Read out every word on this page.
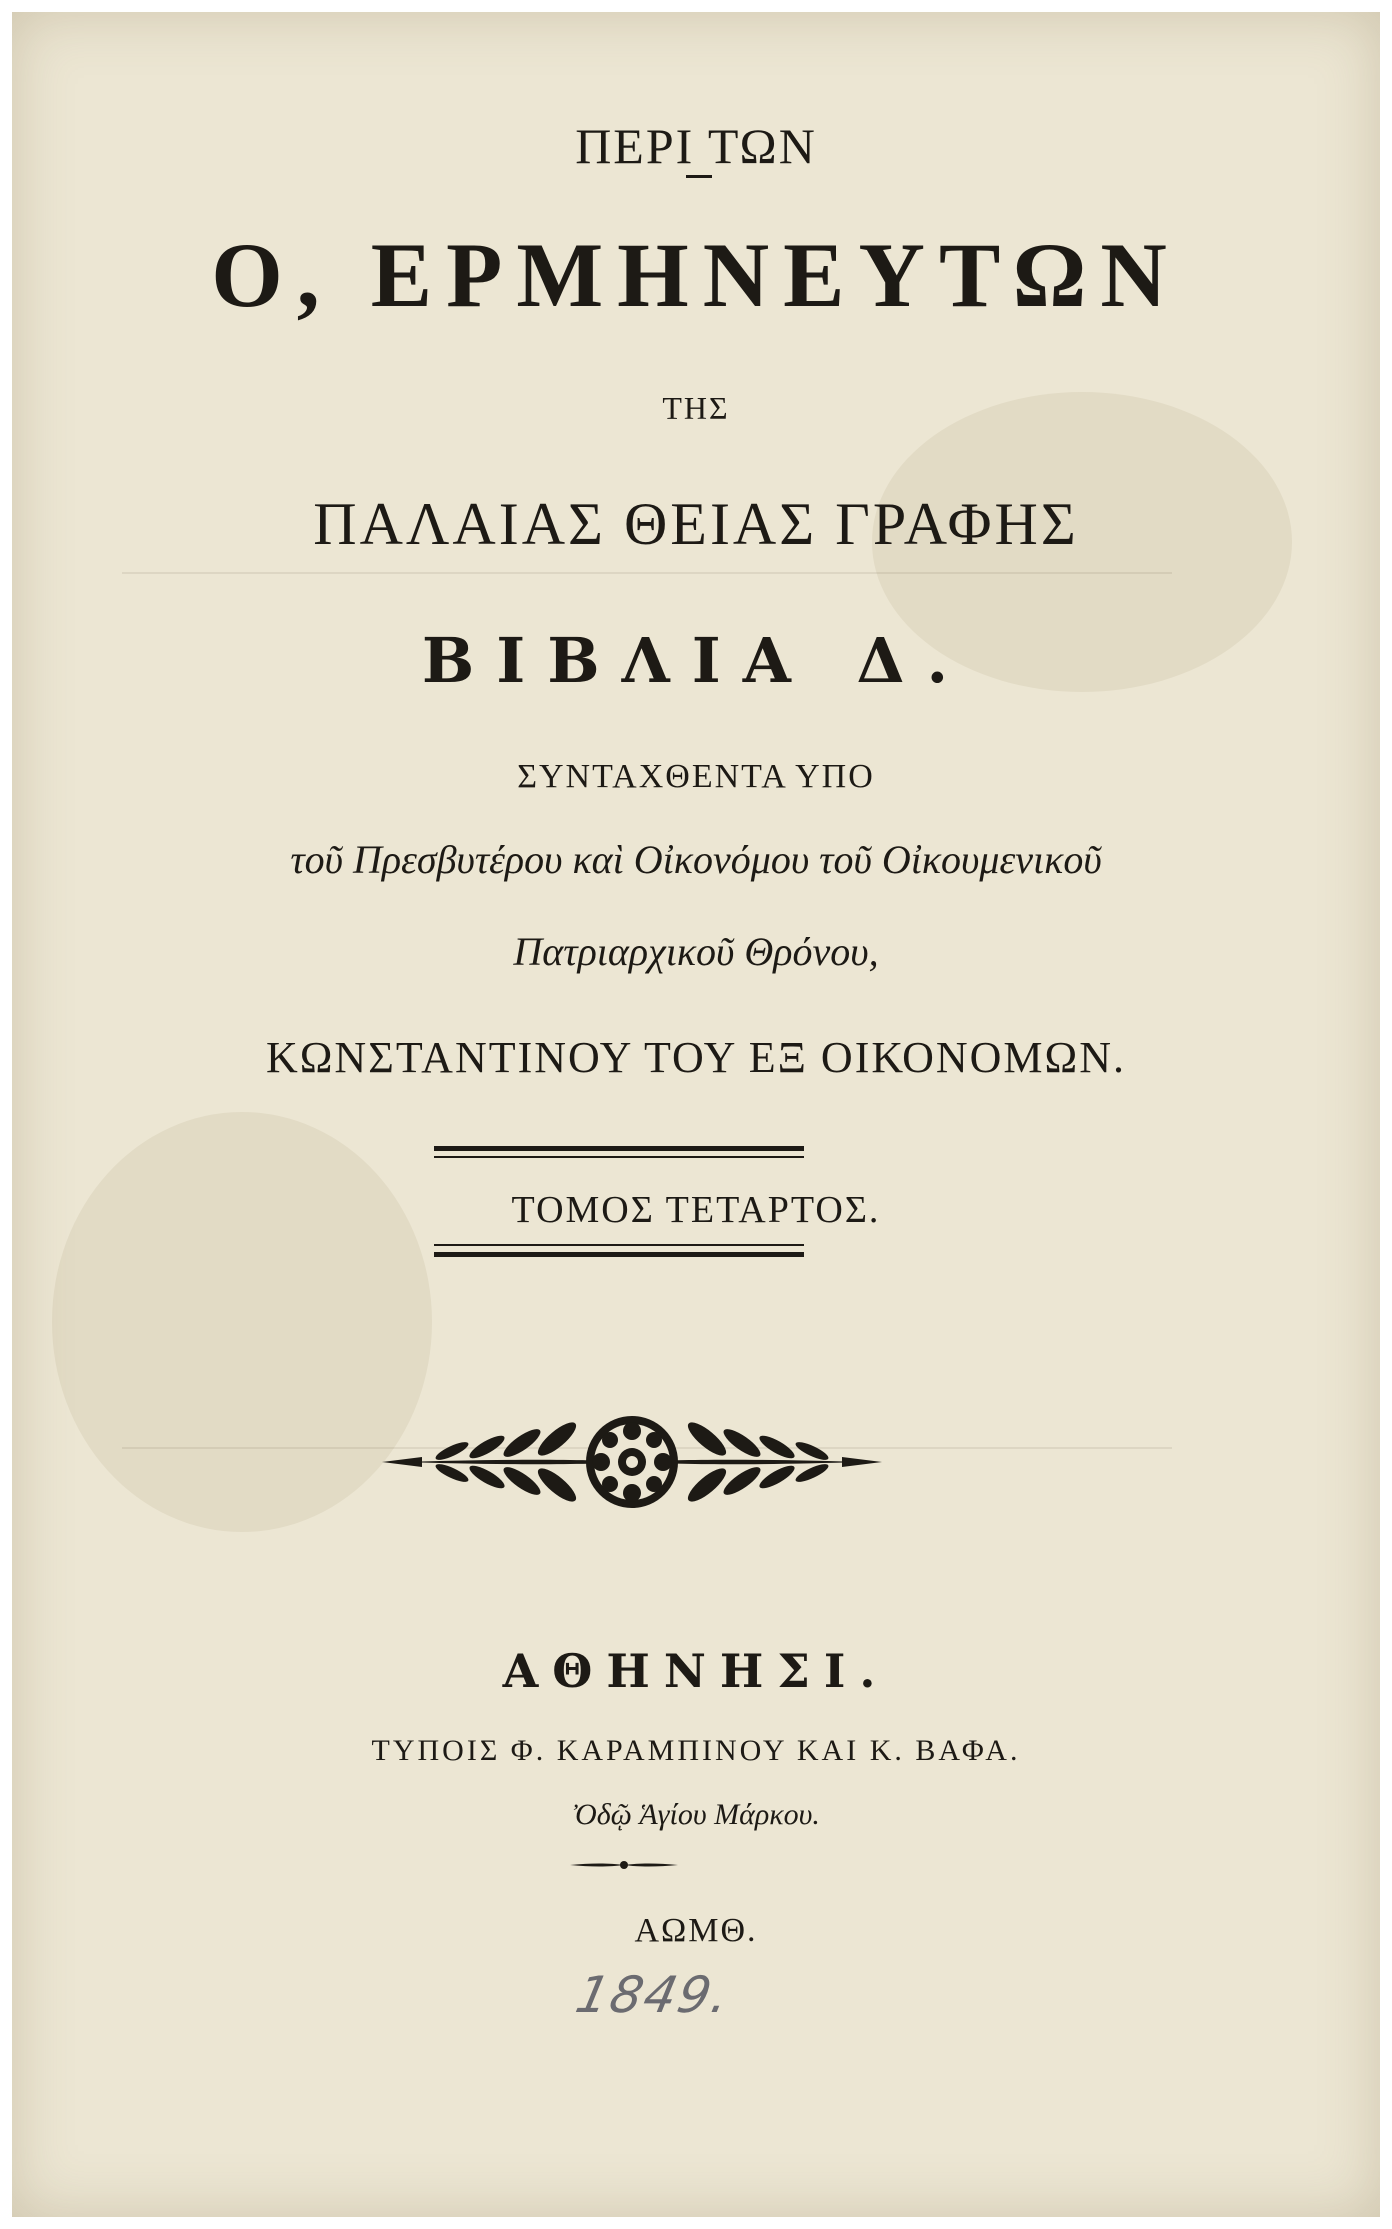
ΠΕΡΙ ΤΩΝ
Ο, ΕΡΜΗΝΕΥΤΩΝ
ΤΗΣ
ΠΑΛΑΙΑΣ ΘΕΙΑΣ ΓΡΑΦΗΣ
ΒΙΒΛΙΑ Δ.
ΣΥΝΤΑΧΘΕΝΤΑ ΥΠΟ
τοῦ Πρεσβυτέρου καὶ Οἰκονόμου τοῦ Οἰκουμενικοῦ
Πατριαρχικοῦ Θρόνου,
ΚΩΝΣΤΑΝΤΙΝΟΥ ΤΟΥ ΕΞ ΟΙΚΟΝΟΜΩΝ.
ΤΟΜΟΣ ΤΕΤΑΡΤΟΣ.
ΑΘΗΝΗΣΙ.
ΤΥΠΟΙΣ Φ. ΚΑΡΑΜΠΙΝΟΥ ΚΑΙ Κ. ΒΑΦΑ.
Ὀδῷ Ἁγίου Μάρκου.
ΑΩΜΘ.
1849.
